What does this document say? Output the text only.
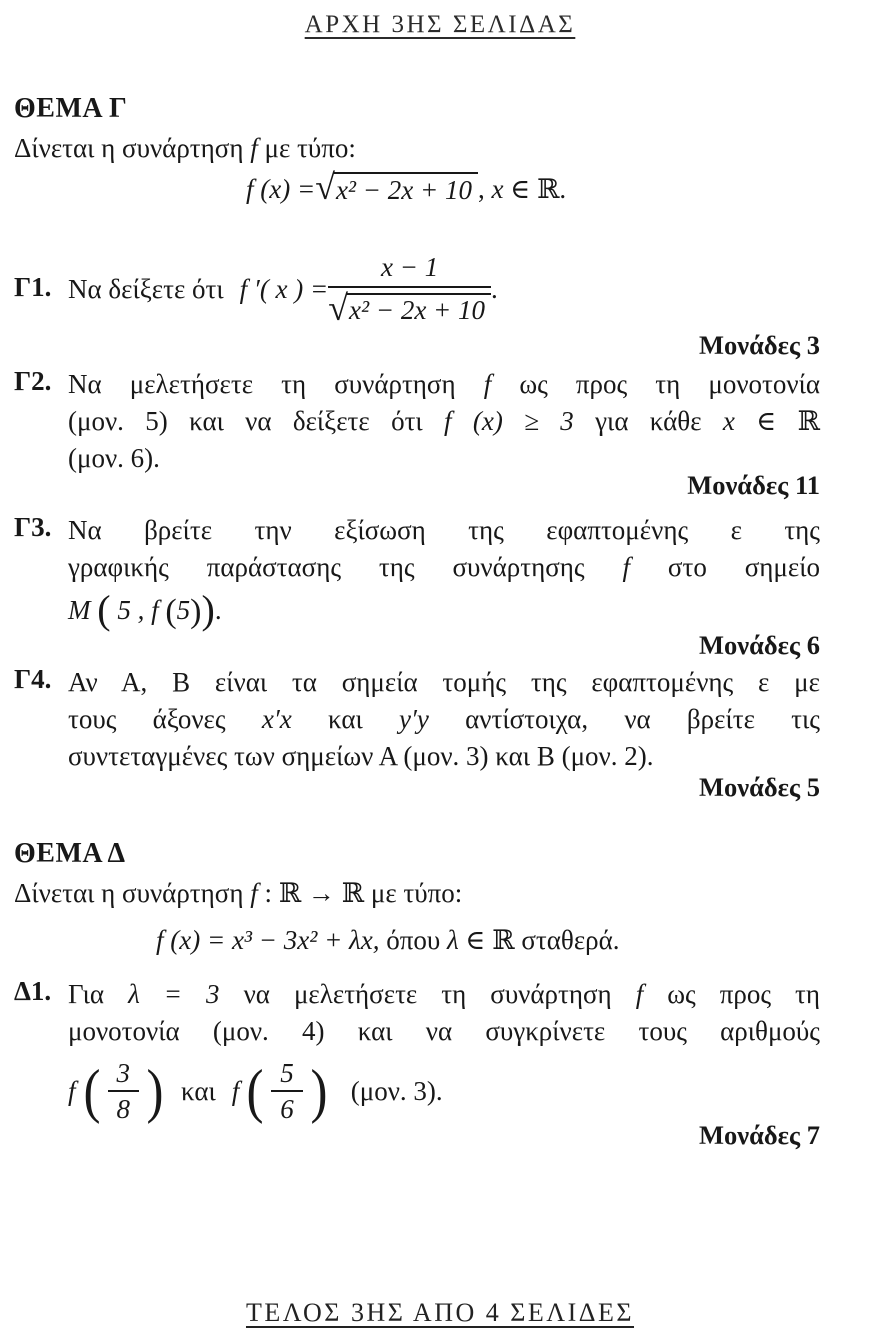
ΑΡΧΗ 3ΗΣ ΣΕΛΙΔΑΣ
ΘΕΜΑ Γ
Δίνεται η συνάρτηση f με τύπο:
f (x) = √ x² − 2x + 10 , x ∈ ℝ.
Γ1. Να δείξετε ότι f ′( x ) = $\frac{x - 1}{\text{√ x² − 2x + 10}}$ .
Μονάδες 3
Γ2. Να μελετήσετε τη συνάρτηση f ως προς τη μονοτονία
(μον. 5) και να δείξετε ότι f (x) ≥ 3 για κάθε x ∈ ℝ
(μον. 6).
Μονάδες 11
Γ3. Να βρείτε την εξίσωση της εφαπτομένης ε της
γραφικής παράστασης της συνάρτησης f στο σημείο
M ( 5 , f (5)).
Μονάδες 6
Γ4. Αν Α, Β είναι τα σημεία τομής της εφαπτομένης ε με
τους άξονες x′x και y′y αντίστοιχα, να βρείτε τις
συντεταγμένες των σημείων Α (μον. 3) και Β (μον. 2).
Μονάδες 5
ΘΕΜΑ Δ
Δίνεται η συνάρτηση f : ℝ → ℝ με τύπο:
f (x) = x³ − 3x² + λx, όπου λ ∈ ℝ σταθερά.
Δ1. Για λ = 3 να μελετήσετε τη συνάρτηση f ως προς τη
μονοτονία (μον. 4) και να συγκρίνετε τους αριθμούς
f ( $\frac{3}{8}$ ) και f ( $\frac{5}{6}$ ) (μον. 3).
Μονάδες 7
ΤΕΛΟΣ 3ΗΣ ΑΠΟ 4 ΣΕΛΙΔΕΣ
